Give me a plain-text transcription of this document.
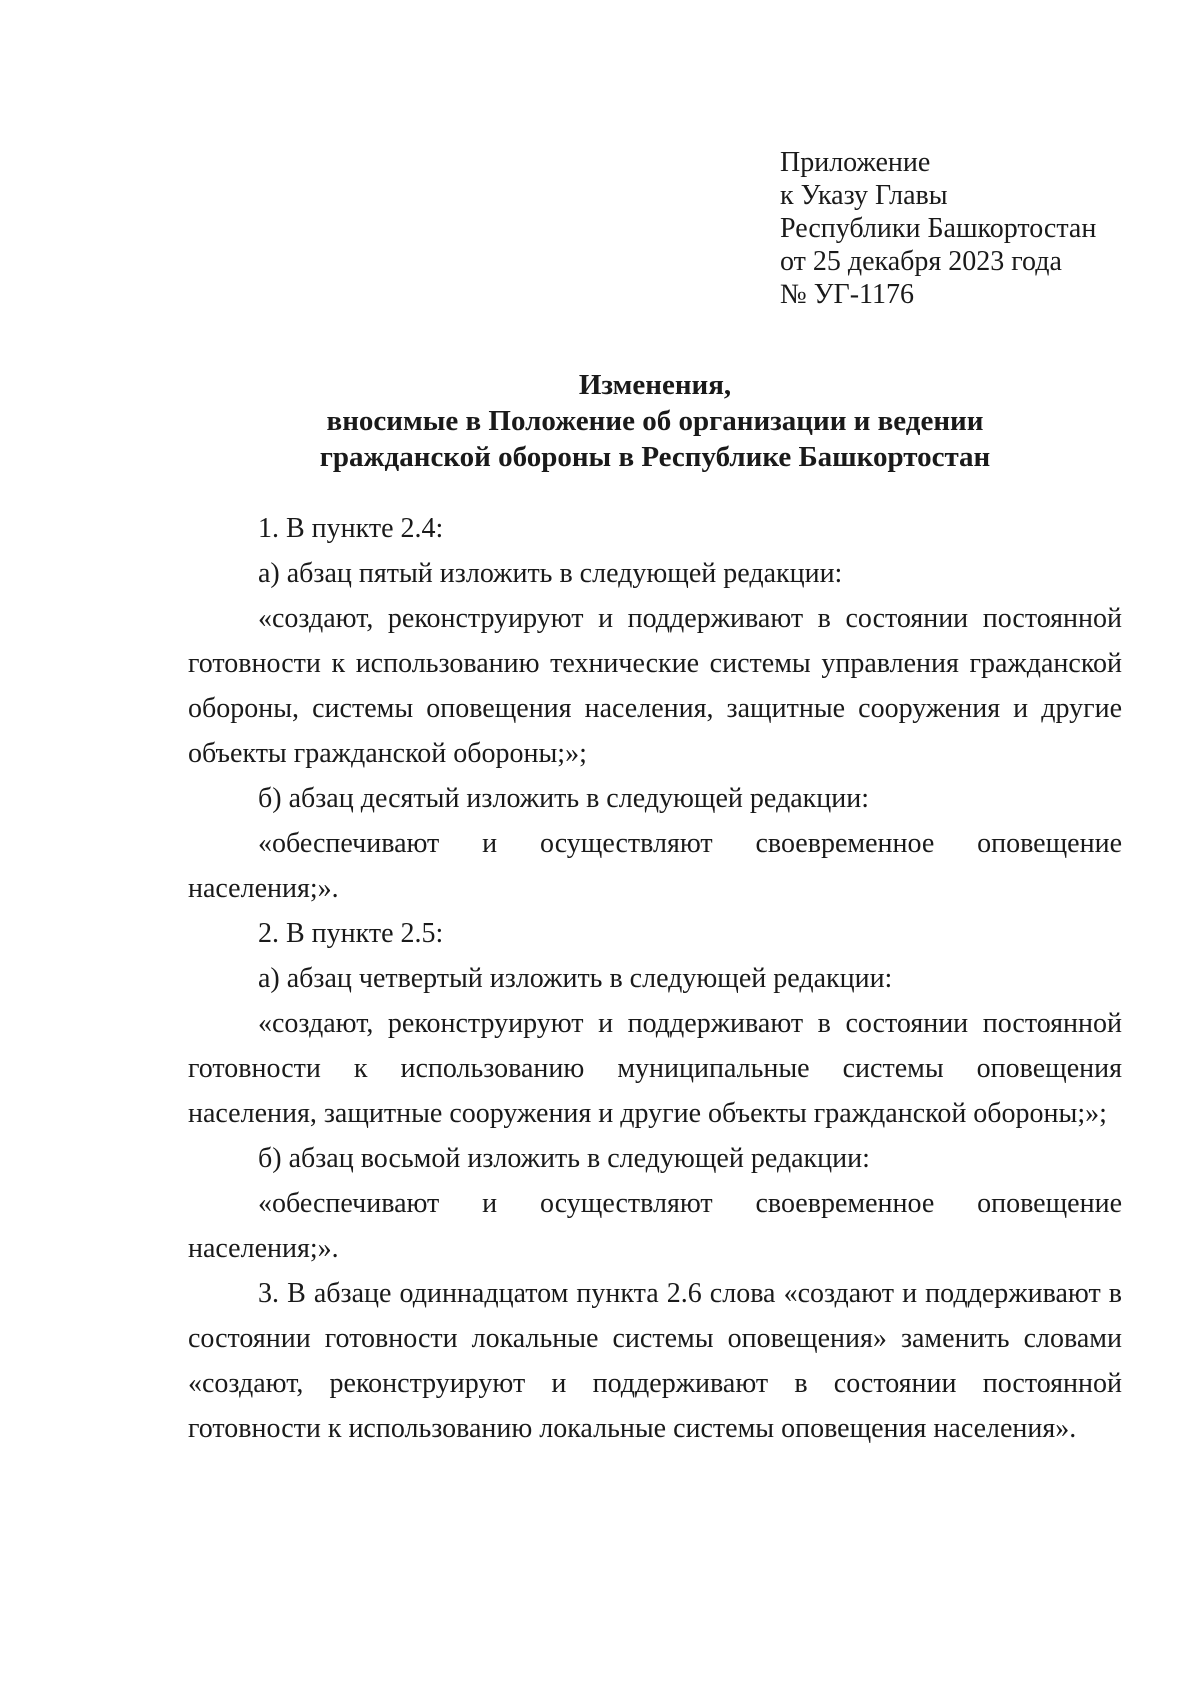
Приложение
к Указу Главы
Республики Башкортостан
от 25 декабря 2023 года
№ УГ-1176
Изменения,
вносимые в Положение об организации и ведении
гражданской обороны в Республике Башкортостан

1. В пункте 2.4:

а) абзац пятый изложить в следующей редакции:

«создают, реконструируют и поддерживают в состоянии постоянной готовности к использованию технические системы управления гражданской обороны, системы оповещения населения, защитные сооружения и другие объекты гражданской обороны;»;

б) абзац десятый изложить в следующей редакции:

«обеспечивают и осуществляют своевременное оповещение населения;».

2. В пункте 2.5:

а) абзац четвертый изложить в следующей редакции:

«создают, реконструируют и поддерживают в состоянии постоянной готовности к использованию муниципальные системы оповещения населения, защитные сооружения и другие объекты гражданской обороны;»;

б) абзац восьмой изложить в следующей редакции:

«обеспечивают и осуществляют своевременное оповещение населения;».

3. В абзаце одиннадцатом пункта 2.6 слова «создают и поддерживают в состоянии готовности локальные системы оповещения» заменить словами «создают, реконструируют и поддерживают в состоянии постоянной готовности к использованию локальные системы оповещения населения».
